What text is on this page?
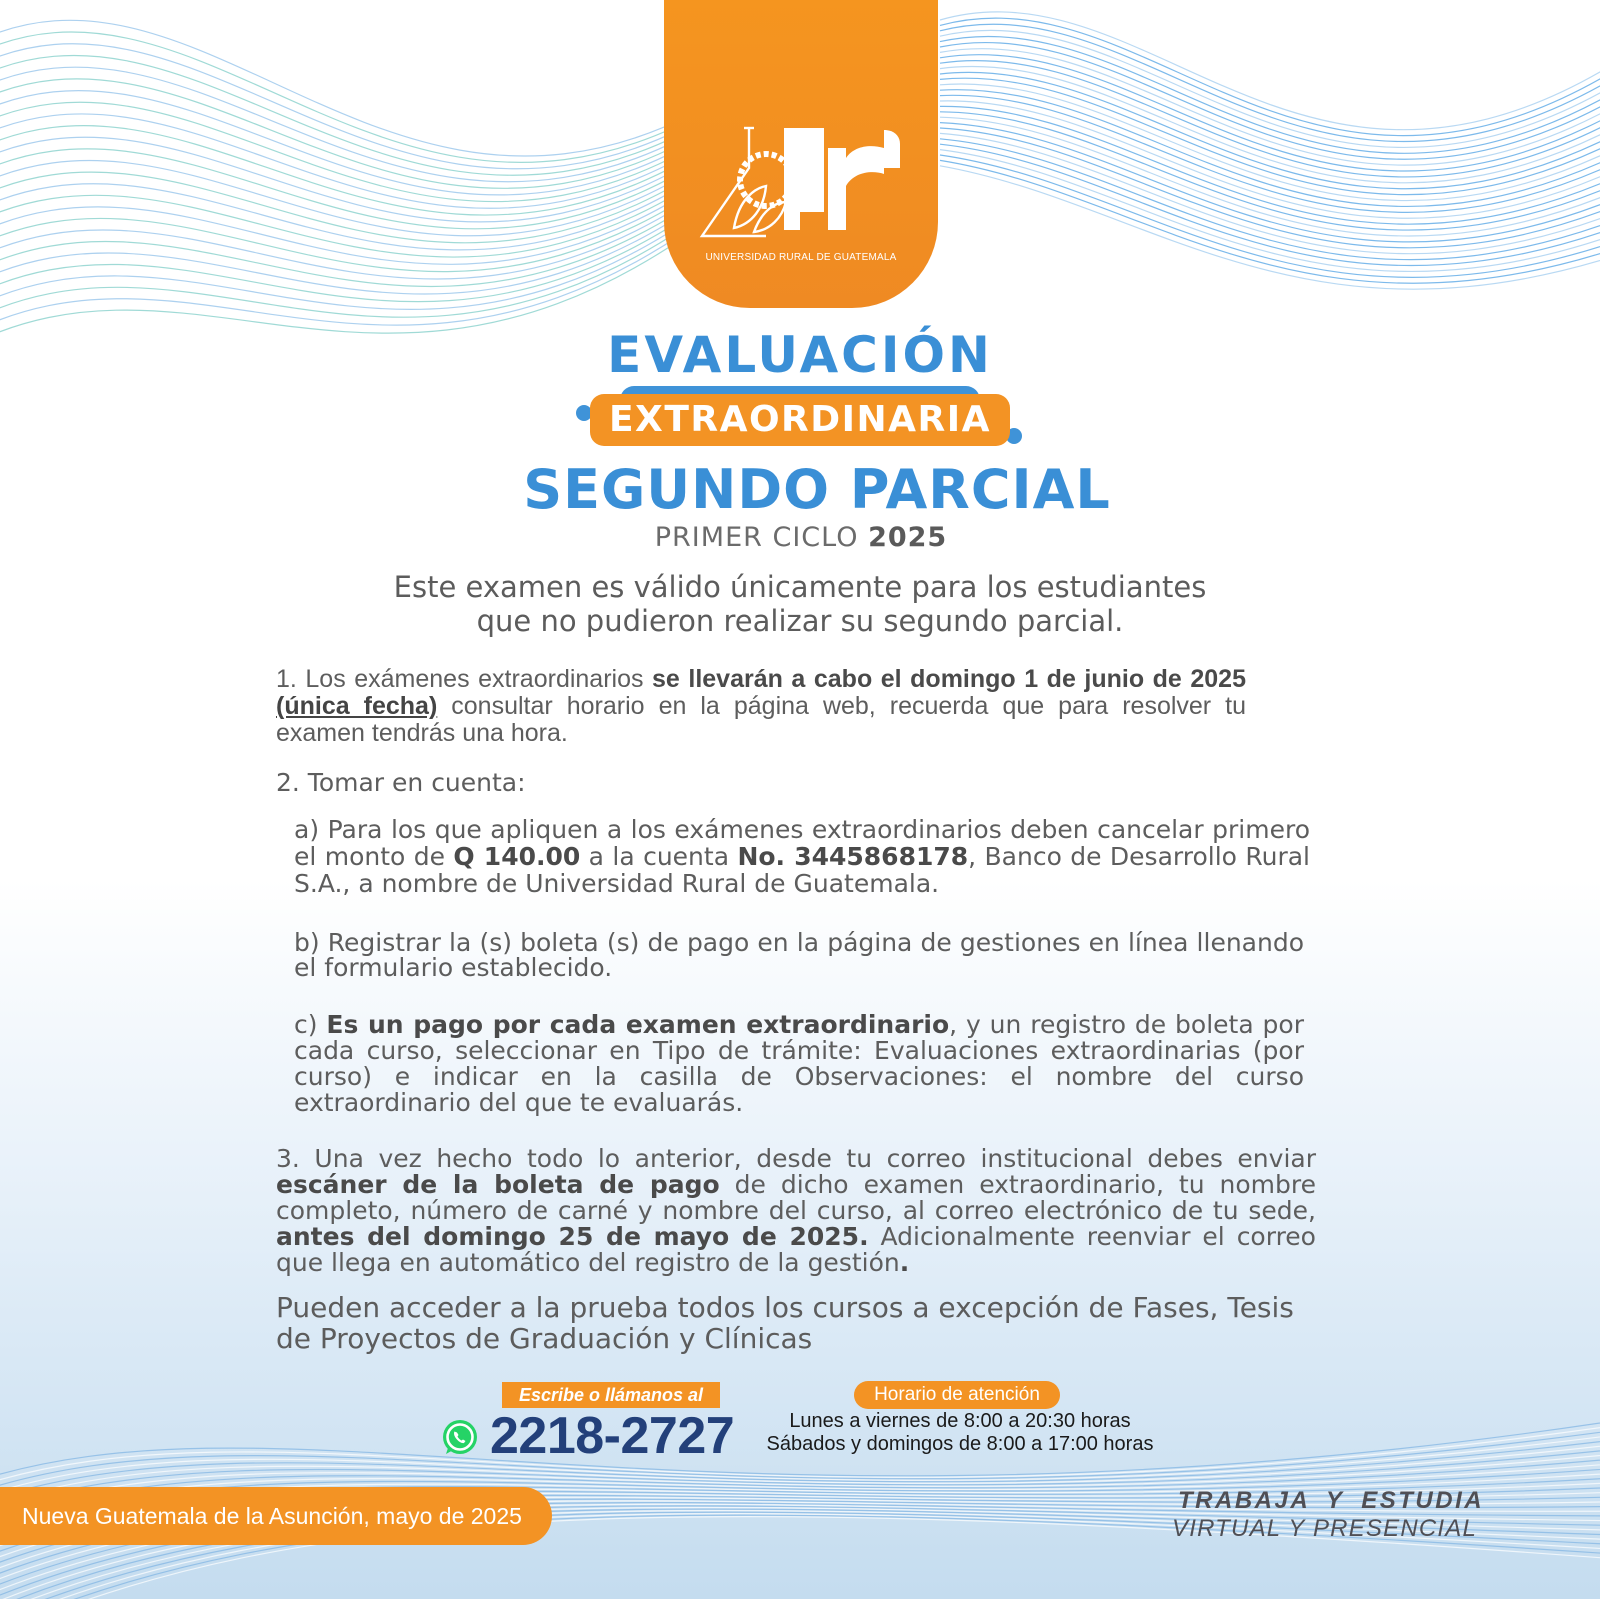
UNIVERSIDAD RURAL DE GUATEMALA
EVALUACIÓN
EXTRAORDINARIA
SEGUNDO PARCIAL
PRIMER CICLO 2025
Este examen es válido únicamente para los estudiantes
que no pudieron realizar su segundo parcial.
1. Los exámenes extraordinarios se llevarán a cabo el domingo 1 de junio de 2025 (única fecha) consultar horario en la página web, recuerda que para resolver tu examen tendrás una hora.
2. Tomar en cuenta:
a) Para los que apliquen a los exámenes extraordinarios deben cancelar primero el monto de Q 140.00 a la cuenta No. 3445868178, Banco de Desarrollo Rural S.A., a nombre de Universidad Rural de Guatemala.
b) Registrar la (s) boleta (s) de pago en la página de gestiones en línea llenando el formulario establecido.
c) Es un pago por cada examen extraordinario, y un registro de boleta por cada curso, seleccionar en Tipo de trámite: Evaluaciones extraordinarias (por curso) e indicar en la casilla de Observaciones: el nombre del curso extraordinario del que te evaluarás.
3. Una vez hecho todo lo anterior, desde tu correo institucional debes enviar escáner de la boleta de pago de dicho examen extraordinario, tu nombre completo, número de carné y nombre del curso, al correo electrónico de tu sede, antes del domingo 25 de mayo de 2025. Adicionalmente reenviar el correo que llega en automático del registro de la gestión.
Pueden acceder a la prueba todos los cursos a excepción de Fases, Tesis de Proyectos de Graduación y Clínicas
Escribe o llámanos al
2218-2727
Horario de atención
Lunes a viernes de 8:00 a 20:30 horas
Sábados y domingos de 8:00 a 17:00 horas
Nueva Guatemala de la Asunción, mayo de 2025
TRABAJA Y ESTUDIA
VIRTUAL Y PRESENCIAL
